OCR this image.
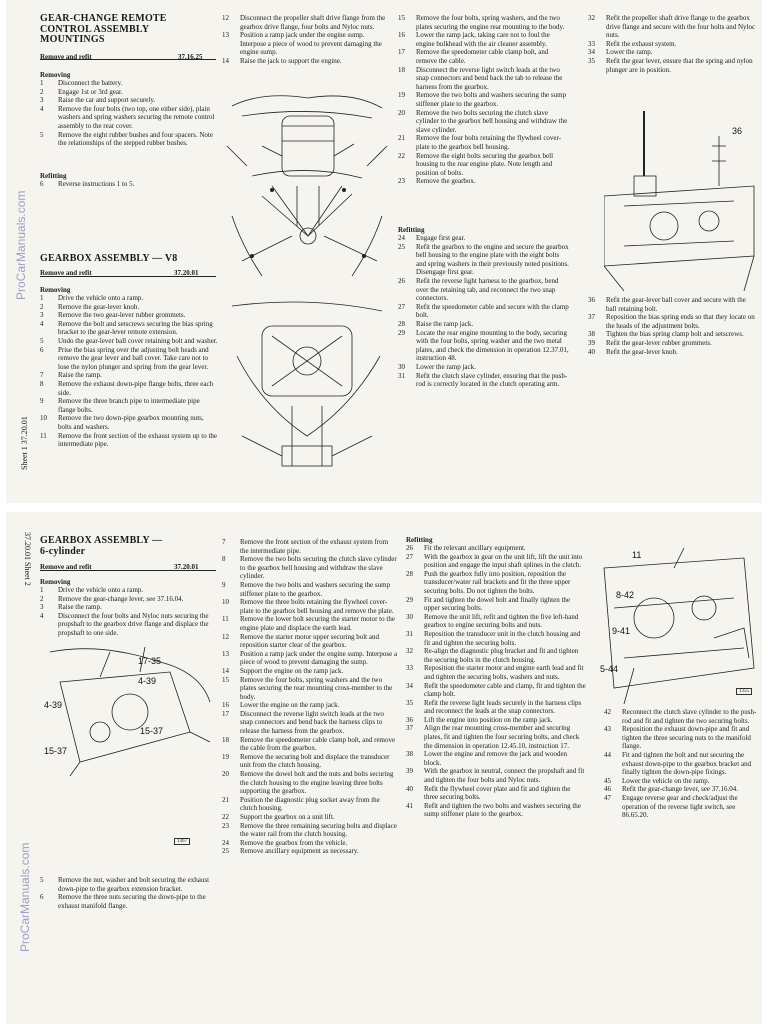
GEAR-CHANGE REMOTE
CONTROL ASSEMBLY
MOUNTINGS
Remove and refit	37.16.25
Removing
1 Disconnect the battery.
2 Engage 1st or 3rd gear.
3 Raise the car and support securely.
4 Remove the four bolts (two top, one either side), plain washers and spring washers securing the remote control assembly to the rear cover.
5 Remove the eight rubber bushes and four spacers. Note the relationships of the stepped rubber bushes.
Refitting
6 Reverse instructions 1 to 5.
GEARBOX ASSEMBLY — V8
Remove and refit	37.20.01
Removing
1 Drive the vehicle onto a ramp.
2 Remove the gear-lever knob.
3 Remove the two gear-lever rubber grommets.
4 Remove the bolt and setscrews securing the bias spring bracket to the gear-lever remote extension.
5 Undo the gear-lever ball cover retaining bolt and washer.
6 Prise the bias spring over the adjusting bolt heads and remove the gear lever and ball cover. Take care not to lose the nylon plunger and spring from the gear lever.
7 Raise the ramp.
8 Remove the exhaust down-pipe flange bolts, three each side.
9 Remove the three branch pipe to intermediate pipe flange bolts.
10 Remove the two down-pipe gearbox mounting nuts, bolts and washers.
11 Remove the front section of the exhaust system up to the intermediate pipe.
12 Disconnect the propeller shaft drive flange from the gearbox drive flange, four bolts and Nyloc nuts.
13 Position a ramp jack under the engine sump. Interpose a piece of wood to prevent damaging the engine sump.
14 Raise the jack to support the engine.
15 Remove the four bolts, spring washers, and the two plates securing the engine rear mounting to the body.
16 Lower the ramp jack, taking care not to foul the engine bulkhead with the air cleaner assembly.
17 Remove the speedometer cable clamp bolt, and remove the cable.
18 Disconnect the reverse light switch leads at the two snap connectors and bend back the tab to release the harness from the gearbox.
19 Remove the two bolts and washers securing the sump stiffener plate to the gearbox.
20 Remove the two bolts securing the clutch slave cylinder to the gearbox bell housing and withdraw the slave cylinder.
21 Remove the four bolts retaining the flywheel cover-plate to the gearbox bell housing.
22 Remove the eight bolts securing the gearbox bell housing to the rear engine plate. Note length and position of bolts.
23 Remove the gearbox.
Refitting
24 Engage first gear.
25 Refit the gearbox to the engine and secure the gearbox bell housing to the engine plate with the eight bolts and spring washers in their previously noted positions. Disengage first gear.
26 Refit the reverse light harness to the gearbox, bend over the retaining tab, and reconnect the two snap connectors.
27 Refit the speedometer cable and secure with the clamp bolt.
28 Raise the ramp jack.
29 Locate the rear engine mounting to the body, securing with the four bolts, spring washer and the two metal plates, and check the dimension in operation 12.37.01, instruction 48.
30 Lower the ramp jack.
31 Refit the clutch slave cylinder, ensuring that the push-rod is correctly located in the clutch operating arm.
32 Refit the propeller shaft drive flange to the gearbox drive flange and secure with the four bolts and Nyloc nuts.
33 Refit the exhaust system.
34 Lower the ramp.
35 Refit the gear lever, ensure that the spring and nylon plunger are in position.
36
36 Refit the gear-lever ball cover and secure with the ball retaining bolt.
37 Reposition the bias spring ends so that they locate on the heads of the adjustment bolts.
38 Tighten the bias spring clamp bolt and setscrews.
39 Refit the gear-lever rubber grommets.
40 Refit the gear-lever knob.
ProCarManuals.com
Sheet 1 37.20.01
37.20.01 Sheet 2 GEARBOX ASSEMBLY —
6-cylinder
Remove and refit	37.20.01
Removing
1 Drive the vehicle onto a ramp.
2 Remove the gear-change lever, see 37.16.04.
3 Raise the ramp.
4 Disconnect the four bolts and Nyloc nuts securing the propshaft to the gearbox drive flange and displace the propshaft to one side.
17-35
4-39
4-39
15-37
15-37
1367
5 Remove the nut, washer and bolt securing the exhaust down-pipe to the gearbox extension bracket.
6 Remove the three nuts securing the down-pipe to the exhaust manifold flange.
7 Remove the front section of the exhaust system from the intermediate pipe.
8 Remove the two bolts securing the clutch slave cylinder to the gearbox bell housing and withdraw the slave cylinder.
9 Remove the two bolts and washers securing the sump stiffener plate to the gearbox.
10 Remove the three bolts retaining the flywheel cover-plate to the gearbox bell housing and remove the plate.
11 Remove the lower bolt securing the starter motor to the engine plate and displace the earth lead.
12 Remove the starter motor upper securing bolt and reposition starter clear of the gearbox.
13 Position a ramp jack under the engine sump. Interpose a piece of wood to prevent damaging the sump.
14 Support the engine on the ramp jack.
15 Remove the four bolts, spring washers and the two plates securing the rear mounting cross-member to the body.
16 Lower the engine on the ramp jack.
17 Disconnect the reverse light switch leads at the two snap connectors and bend back the harness clips to release the harness from the gearbox.
18 Remove the speedometer cable clamp bolt, and remove the cable from the gearbox.
19 Remove the securing bolt and displace the transducer unit from the clutch housing.
20 Remove the dowel bolt and the nuts and bolts securing the clutch housing to the engine leaving three bolts supporting the gearbox.
21 Position the diagnostic plug socket away from the clutch housing.
22 Support the gearbox on a unit lift.
23 Remove the three remaining securing bolts and displace the water rail from the clutch housing.
24 Remove the gearbox from the vehicle.
25 Remove ancillary equipment as necessary.
Refitting
26 Fit the relevant ancillary equipment.
27 With the gearbox in gear on the unit lift, lift the unit into position and engage the input shaft splines in the clutch.
28 Push the gearbox fully into position, reposition the transducer/water rail brackets and fit the three upper securing bolts. Do not tighten the bolts.
29 Fit and tighten the dowel bolt and finally tighten the upper securing bolts.
30 Remove the unit lift, refit and tighten the five left-hand gearbox to engine securing bolts and nuts.
31 Reposition the transducer unit in the clutch housing and fit and tighten the securing bolts.
32 Re-align the diagnostic plug bracket and fit and tighten the securing bolts in the clutch housing.
33 Reposition the starter motor and engine earth lead and fit and tighten the securing bolts, washers and nuts.
34 Refit the speedometer cable and clamp, fit and tighten the clamp bolt.
35 Refit the reverse light leads securely in the harness clips and reconnect the leads at the snap connectors.
36 Lift the engine into position on the ramp jack.
37 Align the rear mounting cross-member and securing plates, fit and tighten the four securing bolts, and check the dimension in operation 12.45.10, instruction 17.
38 Lower the engine and remove the jack and wooden block.
39 With the gearbox in neutral, connect the propshaft and fit and tighten the four bolts and Nyloc nuts.
40 Refit the flywheel cover plate and fit and tighten the three securing bolts.
41 Refit and tighten the two bolts and washers securing the sump stiffener plate to the gearbox.
11
8-42
9-41
5-44
1355
42 Reconnect the clutch slave cylinder to the push-rod and fit and tighten the two securing bolts.
43 Reposition the exhaust down-pipe and fit and tighten the three securing nuts to the manifold flange.
44 Fit and tighten the bolt and nut securing the exhaust down-pipe to the gearbox bracket and finally tighten the down-pipe fixings.
45 Lower the vehicle on the ramp.
46 Refit the gear-change lever, see 37.16.04.
47 Engage reverse gear and check/adjust the operation of the reverse light switch, see 86.65.20.
ProCarManuals.com
